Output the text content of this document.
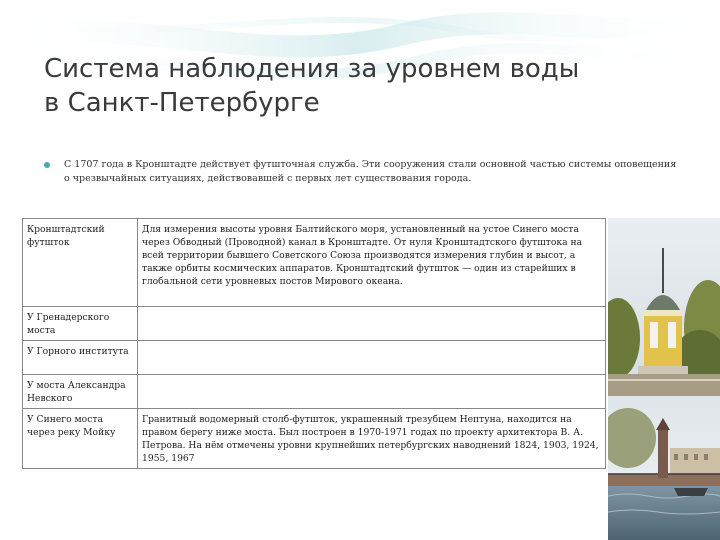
Система наблюдения за уровнем воды
в Санкт-Петербурге
С 1707 года в Кронштадте действует футшточная служба. Эти сооружения стали основной частью системы оповещения о чрезвычайных ситуациях, действовавшей с первых лет существования города.
Кронштадтский футшток	Для измерения высоты уровня Балтийского моря, установленный на устое Синего моста через Обводный (Проводной) канал в Кронштадте. От нуля Кронштадтского футштока на всей территории бывшего Советского Союза производятся измерения глубин и высот, а также орбиты космических аппаратов. Кронштадтский футшток — один из старейших в глобальной сети уровневых постов Мирового океана.
У Гренадерского моста	
У Горного института	
У моста Александра Невского	
У Синего моста через реку Мойку	Гранитный водомерный столб-футшток, украшенный трезубцем Нептуна, находится на правом берегу ниже моста. Был построен в 1970-1971 годах по проекту архитектора В. А. Петрова. На нём отмечены уровни крупнейших петербургских наводнений 1824, 1903, 1924, 1955, 1967
